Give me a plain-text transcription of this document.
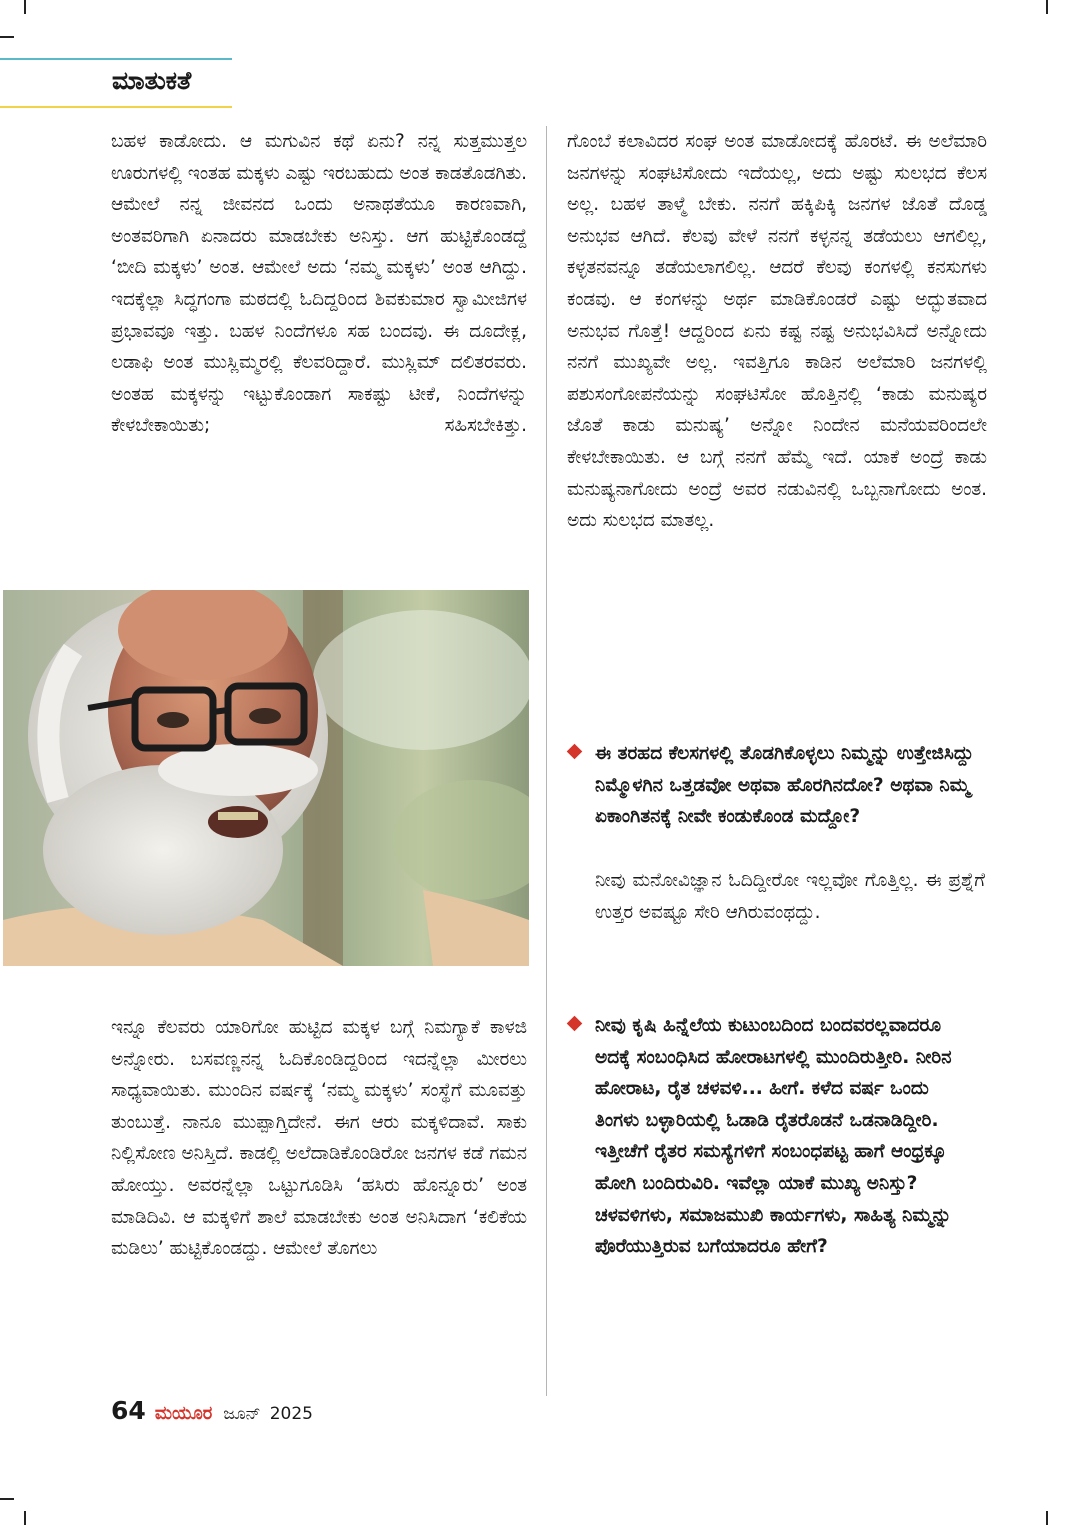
ಮಾತುಕತೆ

ಬಹಳ ಕಾಡೋದು. ಆ ಮಗುವಿನ ಕಥೆ ಏನು? ನನ್ನ ಸುತ್ತಮುತ್ತಲ ಊರುಗಳಲ್ಲಿ ಇಂತಹ ಮಕ್ಕಳು ಎಷ್ಟು ಇರಬಹುದು ಅಂತ ಕಾಡತೊಡಗಿತು. ಆಮೇಲೆ ನನ್ನ ಜೀವನದ ಒಂದು ಅನಾಥತೆಯೂ ಕಾರಣವಾಗಿ, ಅಂತವರಿಗಾಗಿ ಏನಾದರು ಮಾಡಬೇಕು ಅನಿಸ್ತು. ಆಗ ಹುಟ್ಟಿಕೊಂಡದ್ದೆ ‘ಬೀದಿ ಮಕ್ಕಳು’ ಅಂತ. ಆಮೇಲೆ ಅದು ‘ನಮ್ಮ ಮಕ್ಕಳು’ ಅಂತ ಆಗಿದ್ದು. ಇದಕ್ಕೆಲ್ಲಾ ಸಿದ್ಧಗಂಗಾ ಮಠದಲ್ಲಿ ಓದಿದ್ದರಿಂದ ಶಿವಕುಮಾರ ಸ್ವಾಮೀಜಿಗಳ ಪ್ರಭಾವವೂ ಇತ್ತು. ಬಹಳ ನಿಂದೆಗಳೂ ಸಹ ಬಂದವು. ಈ ದೂದೇಕ್ಲ, ಲಡಾಫಿ ಅಂತ ಮುಸ್ಲಿಮ್ಮರಲ್ಲಿ ಕೆಲವರಿದ್ದಾರೆ. ಮುಸ್ಲಿಮ್ ದಲಿತರವರು. ಅಂತಹ ಮಕ್ಕಳನ್ನು ಇಟ್ಟುಕೊಂಡಾಗ ಸಾಕಷ್ಟು ಟೀಕೆ, ನಿಂದೆಗಳನ್ನು ಕೇಳಬೇಕಾಯಿತು; ಸಹಿಸಬೇಕಿತ್ತು.

ಇನ್ನೂ ಕೆಲವರು ಯಾರಿಗೋ ಹುಟ್ಟಿದ ಮಕ್ಕಳ ಬಗ್ಗೆ ನಿಮಗ್ಯಾಕೆ ಕಾಳಜಿ ಅನ್ನೋರು. ಬಸವಣ್ಣನನ್ನ ಓದಿಕೊಂಡಿದ್ದರಿಂದ ಇದನ್ನೆಲ್ಲಾ ಮೀರಲು ಸಾಧ್ಯವಾಯಿತು. ಮುಂದಿನ ವರ್ಷಕ್ಕೆ ‘ನಮ್ಮ ಮಕ್ಕಳು’ ಸಂಸ್ಥೆಗೆ ಮೂವತ್ತು ತುಂಬುತ್ತೆ. ನಾನೂ ಮುಪ್ಪಾಗ್ತಿದೇನೆ. ಈಗ ಆರು ಮಕ್ಕಳಿದಾವೆ. ಸಾಕು ನಿಲ್ಲಿಸೋಣ ಅನಿಸ್ತಿದೆ. ಕಾಡಲ್ಲಿ ಅಲೆದಾಡಿಕೊಂಡಿರೋ ಜನಗಳ ಕಡೆ ಗಮನ ಹೋಯ್ತು. ಅವರನ್ನೆಲ್ಲಾ ಒಟ್ಟುಗೂಡಿಸಿ ‘ಹಸಿರು ಹೊನ್ನೂರು’ ಅಂತ ಮಾಡಿದಿವಿ. ಆ ಮಕ್ಕಳಿಗೆ ಶಾಲೆ ಮಾಡಬೇಕು ಅಂತ ಅನಿಸಿದಾಗ ‘ಕಲಿಕೆಯ ಮಡಿಲು’ ಹುಟ್ಟಿಕೊಂಡದ್ದು. ಆಮೇಲೆ ತೊಗಲು

ಗೊಂಬೆ ಕಲಾವಿದರ ಸಂಘ ಅಂತ ಮಾಡೋದಕ್ಕೆ ಹೊರಟೆ. ಈ ಅಲೆಮಾರಿ ಜನಗಳನ್ನು ಸಂಘಟಿಸೋದು ಇದೆಯಲ್ಲ, ಅದು ಅಷ್ಟು ಸುಲಭದ ಕೆಲಸ ಅಲ್ಲ. ಬಹಳ ತಾಳ್ಮೆ ಬೇಕು. ನನಗೆ ಹಕ್ಕಿಪಿಕ್ಕಿ ಜನಗಳ ಜೊತೆ ದೊಡ್ಡ ಅನುಭವ ಆಗಿದೆ. ಕೆಲವು ವೇಳೆ ನನಗೆ ಕಳ್ಳನನ್ನ ತಡೆಯಲು ಆಗಲಿಲ್ಲ, ಕಳ್ಳತನವನ್ನೂ ತಡೆಯಲಾಗಲಿಲ್ಲ. ಆದರೆ ಕೆಲವು ಕಂಗಳಲ್ಲಿ ಕನಸುಗಳು ಕಂಡವು. ಆ ಕಂಗಳನ್ನು ಅರ್ಥ ಮಾಡಿಕೊಂಡರೆ ಎಷ್ಟು ಅದ್ಭುತವಾದ ಅನುಭವ ಗೊತ್ತೆ! ಆದ್ದರಿಂದ ಏನು ಕಷ್ಟ ನಷ್ಟ ಅನುಭವಿಸಿದೆ ಅನ್ನೋದು ನನಗೆ ಮುಖ್ಯವೇ ಅಲ್ಲ. ಇವತ್ತಿಗೂ ಕಾಡಿನ ಅಲೆಮಾರಿ ಜನಗಳಲ್ಲಿ ಪಶುಸಂಗೋಪನೆಯನ್ನು ಸಂಘಟಿಸೋ ಹೊತ್ತಿನಲ್ಲಿ ‘ಕಾಡು ಮನುಷ್ಯರ ಜೊತೆ ಕಾಡು ಮನುಷ್ಯ’ ಅನ್ನೋ ನಿಂದೇನ ಮನೆಯವರಿಂದಲೇ ಕೇಳಬೇಕಾಯಿತು. ಆ ಬಗ್ಗೆ ನನಗೆ ಹೆಮ್ಮೆ ಇದೆ. ಯಾಕೆ ಅಂದ್ರೆ ಕಾಡು ಮನುಷ್ಯನಾಗೋದು ಅಂದ್ರೆ ಅವರ ನಡುವಿನಲ್ಲಿ ಒಬ್ಬನಾಗೋದು ಅಂತ. ಅದು ಸುಲಭದ ಮಾತಲ್ಲ.

ಈ ತರಹದ ಕೆಲಸಗಳಲ್ಲಿ ತೊಡಗಿಕೊಳ್ಳಲು ನಿಮ್ಮನ್ನು ಉತ್ತೇಜಿಸಿದ್ದು ನಿಮ್ಮೊಳಗಿನ ಒತ್ತಡವೋ ಅಥವಾ ಹೊರಗಿನದೋ? ಅಥವಾ ನಿಮ್ಮ ಏಕಾಂಗಿತನಕ್ಕೆ ನೀವೇ ಕಂಡುಕೊಂಡ ಮದ್ದೋ?

ನೀವು ಮನೋವಿಜ್ಞಾನ ಓದಿದ್ದೀರೋ ಇಲ್ಲವೋ ಗೊತ್ತಿಲ್ಲ. ಈ ಪ್ರಶ್ನೆಗೆ ಉತ್ತರ ಅವಷ್ಟೂ ಸೇರಿ ಆಗಿರುವಂಥದ್ದು.

ನೀವು ಕೃಷಿ ಹಿನ್ನೆಲೆಯ ಕುಟುಂಬದಿಂದ ಬಂದವರಲ್ಲವಾದರೂ ಅದಕ್ಕೆ ಸಂಬಂಧಿಸಿದ ಹೋರಾಟಗಳಲ್ಲಿ ಮುಂದಿರುತ್ತೀರಿ. ನೀರಿನ ಹೋರಾಟ, ರೈತ ಚಳವಳಿ... ಹೀಗೆ. ಕಳೆದ ವರ್ಷ ಒಂದು ತಿಂಗಳು ಬಳ್ಳಾರಿಯಲ್ಲಿ ಓಡಾಡಿ ರೈತರೊಡನೆ ಒಡನಾಡಿದ್ದೀರಿ. ಇತ್ತೀಚೆಗೆ ರೈತರ ಸಮಸ್ಯೆಗಳಿಗೆ ಸಂಬಂಧಪಟ್ಟ ಹಾಗೆ ಆಂಧ್ರಕ್ಕೂ ಹೋಗಿ ಬಂದಿರುವಿರಿ. ಇವೆಲ್ಲಾ ಯಾಕೆ ಮುಖ್ಯ ಅನಿಸ್ತು? ಚಳವಳಿಗಳು, ಸಮಾಜಮುಖಿ ಕಾರ್ಯಗಳು, ಸಾಹಿತ್ಯ ನಿಮ್ಮನ್ನು ಪೊರೆಯುತ್ತಿರುವ ಬಗೆಯಾದರೂ ಹೇಗೆ?
64 ಮಯೂರ ಜೂನ್ 2025
